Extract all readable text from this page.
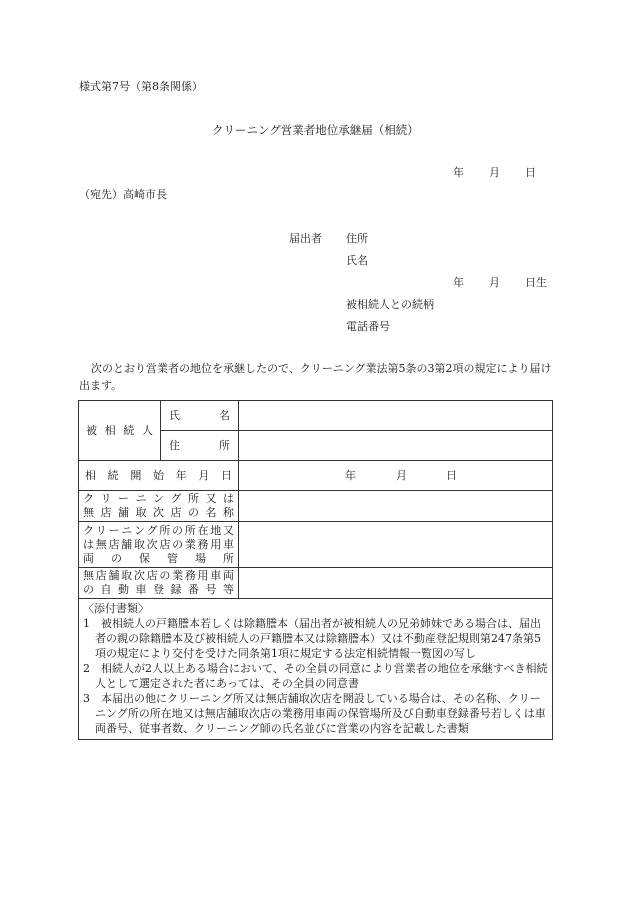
様式第7号（第8条関係）
クリーニング営業者地位承継届（相続）
年 月 日
（宛先）高崎市長
届出者 住所
氏名
年 月 日生
被相続人との続柄
電話番号
次のとおり営業者の地位を承継したので、クリーニング業法第5条の3第2項の規定により届け出ます。
被相続人	氏名	

	住所	

相続開始年月日		年 月 日

クリーニング所又は
無店舗取次店の名称		

クリーニング所の所在地又
は無店舗取次店の業務用車
両の保管場所		

無店舗取次店の業務用車両
の自動車登録番号等		

〈添付書類〉
1　被相続人の戸籍謄本若しくは除籍謄本（届出者が被相続人の兄弟姉妹である場合は、届出者の親の除籍謄本及び被相続人の戸籍謄本又は除籍謄本）又は不動産登記規則第247条第5項の規定により交付を受けた同条第1項に規定する法定相続情報一覧図の写し
2　相続人が2人以上ある場合において、その全員の同意により営業者の地位を承継すべき相続人として選定された者にあっては、その全員の同意書
3　本届出の他にクリーニング所又は無店舗取次店を開設している場合は、その名称、クリーニング所の所在地又は無店舗取次店の業務用車両の保管場所及び自動車登録番号若しくは車両番号、従事者数、クリーニング師の氏名並びに営業の内容を記載した書類		
